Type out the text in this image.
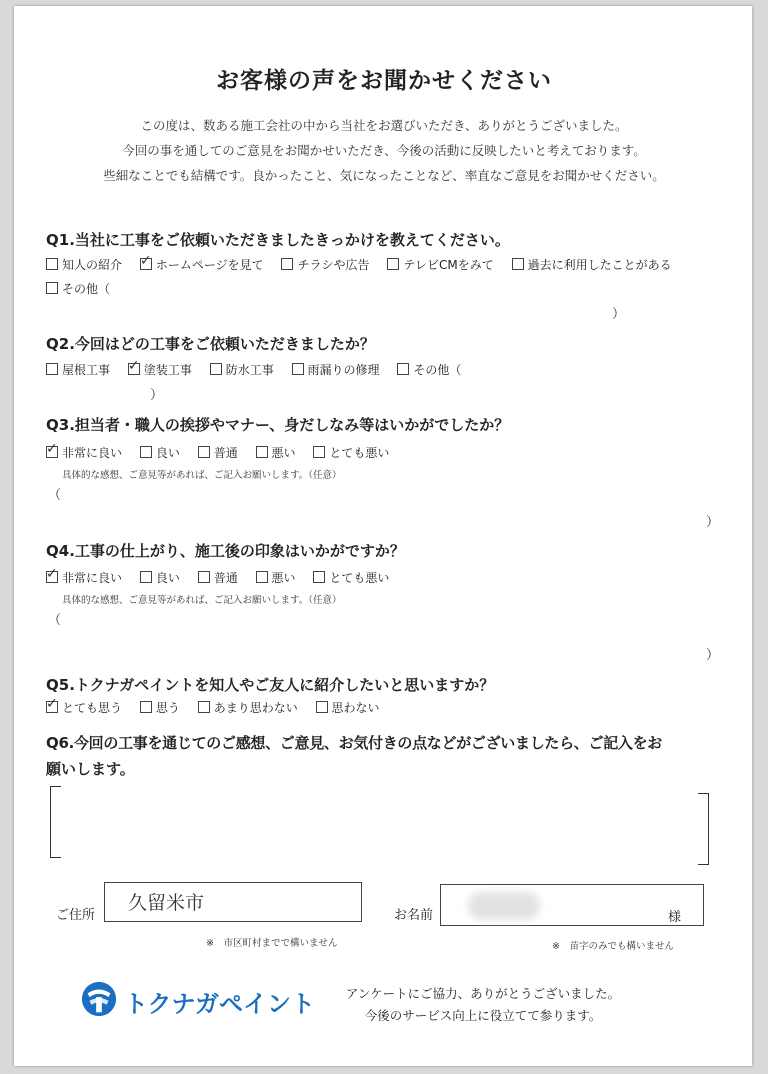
お客様の声をお聞かせください
この度は、数ある施工会社の中から当社をお選びいただき、ありがとうございました。
今回の事を通してのご意見をお聞かせいただき、今後の活動に反映したいと考えております。
些細なことでも結構です。良かったこと、気になったことなど、率直なご意見をお聞かせください。
Q1.当社に工事をご依頼いただきましたきっかけを教えてください。
知人の紹介 ✓	ホームページを見て	チラシや広告	テレビCMをみて	過去に利用したことがある
その他（
）
Q2.今回はどの工事をご依頼いただきましたか？
屋根工事 ✓	塗装工事	防水工事	雨漏りの修理	その他（
）
Q3.担当者・職人の挨拶やマナー、身だしなみ等はいかがでしたか？
✓非常に良い	良い	普通	悪い	とても悪い
具体的な感想、ご意見等があれば、ご記入お願いします。（任意）
（
）
Q4.工事の仕上がり、施工後の印象はいかがですか？
✓非常に良い	良い	普通	悪い	とても悪い
具体的な感想、ご意見等があれば、ご記入お願いします。（任意）
（
）
Q5.トクナガペイントを知人やご友人に紹介したいと思いますか？
✓とても思う	思う	あまり思わない	思わない
Q6.今回の工事を通じてのご感想、ご意見、お気付きの点などがございましたら、ご記入をお
願いします。
ご住所
久留米市
※　市区町村までで構いません
お名前	様
※　苗字のみでも構いません
トクナガペイント	アンケートにご協力、ありがとうございました。
今後のサービス向上に役立てて参ります。
